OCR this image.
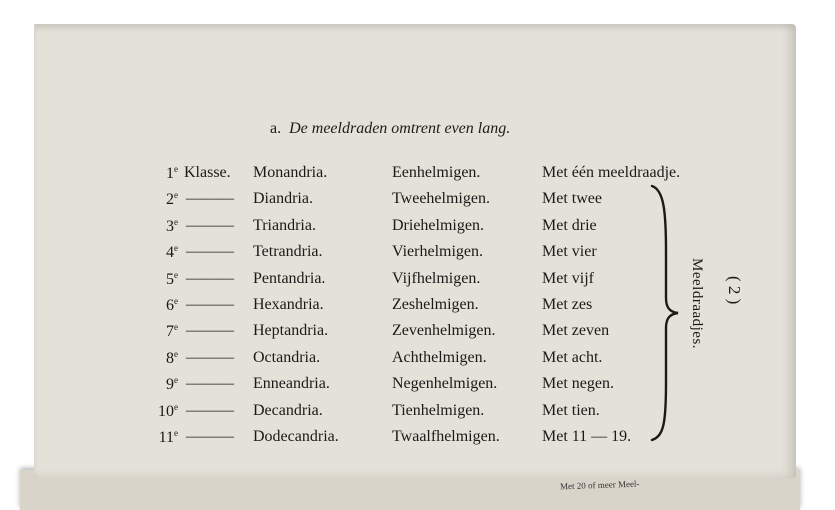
a. De meeldraden omtrent even lang.
1e Klasse. Monandria.	Eenhelmigen.	Met één meeldraadje.
2e ——— Diandria.	Tweehelmigen.	Met twee
3e ——— Triandria.	Driehelmigen.	Met drie
4e ——— Tetrandria.	Vierhelmigen.	Met vier
5e ——— Pentandria.	Vijfhelmigen.	Met vijf
6e ——— Hexandria.	Zeshelmigen.	Met zes
7e ——— Heptandria.	Zevenhelmigen.	Met zeven
8e ——— Octandria.	Achthelmigen.	Met acht.
9e ——— Enneandria.	Negenhelmigen.	Met negen.
10e ——— Decandria.	Tienhelmigen.	Met tien.
11e ——— Dodecandria.	Twaalfhelmigen.	Met 11 — 19.
Meeldraadjes. ( 2 )
Met 20 of meer Meel-
